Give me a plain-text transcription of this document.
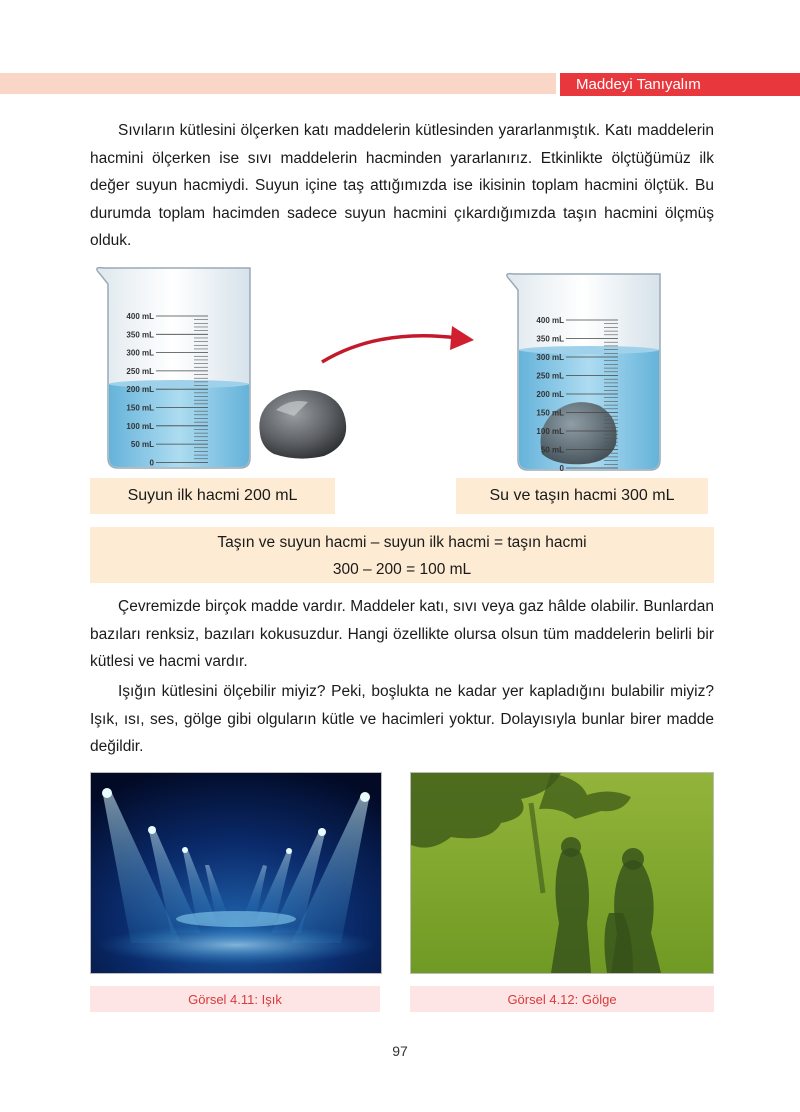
Maddeyi Tanıyalım

Sıvıların kütlesini ölçerken katı maddelerin kütlesinden yararlanmıştık. Katı maddelerin hacmini ölçerken ise sıvı maddelerin hacminden yararlanırız. Etkinlikte ölçtüğümüz ilk değer suyun hacmiydi. Suyun içine taş attığımızda ise ikisinin toplam hacmini ölçtük. Bu durumda toplam hacimden sadece suyun hacmini çıkardığımızda taşın hacmini ölçmüş olduk.

400 mL
350 mL
300 mL
250 mL
200 mL
150 mL
100 mL
50 mL
0
400 mL
350 mL
300 mL
250 mL
200 mL
150 mL
100 mL
50 mL
0
Suyun ilk hacmi 200 mL	Su ve taşın hacmi 300 mL
Taşın ve suyun hacmi – suyun ilk hacmi = taşın hacmi
300 – 200 = 100 mL

Çevremizde birçok madde vardır. Maddeler katı, sıvı veya gaz hâlde olabilir. Bunlardan bazıları renksiz, bazıları kokusuzdur. Hangi özellikte olursa olsun tüm maddelerin belirli bir kütlesi ve hacmi vardır.

Işığın kütlesini ölçebilir miyiz? Peki, boşlukta ne kadar yer kapladığını bulabilir miyiz? Işık, ısı, ses, gölge gibi olguların kütle ve hacimleri yoktur. Dolayısıyla bunlar birer madde değildir.

Görsel 4.11: Işık	Görsel 4.12: Gölge
97
